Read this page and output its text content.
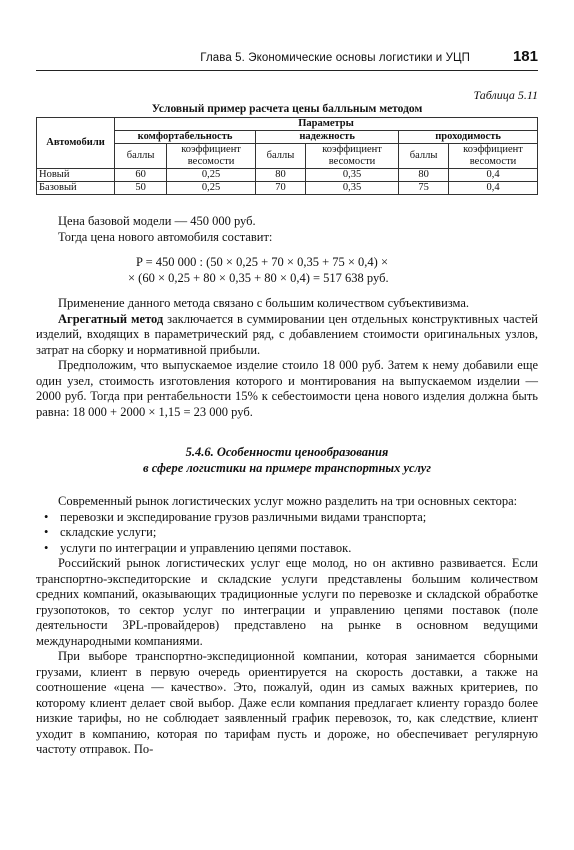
Глава 5. Экономические основы логистики и УЦП	181
Таблица 5.11
Условный пример расчета цены балльным методом
Автомобили	Параметры					
	комфортабельность		надежность		проходимость	
	баллы	коэффициент весомости	баллы	коэффициент весомости	баллы	коэффициент весомости
Новый	60	0,25	80	0,35	80	0,4
Базовый	50	0,25	70	0,35	75	0,4

Цена базовой модели — 450 000 руб.

Тогда цена нового автомобиля составит:

P = 450 000 : (50 × 0,25 + 70 × 0,35 + 75 × 0,4) ×

× (60 × 0,25 + 80 × 0,35 + 80 × 0,4) = 517 638 руб.

Применение данного метода связано с большим количеством субъективизма.

Агрегатный метод заключается в суммировании цен отдельных конструктивных частей изделий, входящих в параметрический ряд, с добавлением стоимости оригинальных узлов, затрат на сборку и нормативной прибыли.

Предположим, что выпускаемое изделие стоило 18 000 руб. Затем к нему добавили еще один узел, стоимость изготовления которого и монтирования на выпускаемом изделии — 2000 руб. Тогда при рентабельности 15% к себестоимости цена нового изделия должна быть равна: 18 000 + 2000 × 1,15 = 23 000 руб.

5.4.6. Особенности ценообразования
в сфере логистики на примере транспортных услуг

Современный рынок логистических услуг можно разделить на три основных сектора:

• перевозки и экспедирование грузов различными видами транспорта;
• складские услуги;
• услуги по интеграции и управлению цепями поставок.

Российский рынок логистических услуг еще молод, но он активно развивается. Если транспортно-экспедиторские и складские услуги представлены большим количеством средних компаний, оказывающих традиционные услуги по перевозке и складской обработке грузопотоков, то сектор услуг по интеграции и управлению цепями поставок (поле деятельности 3PL-провайдеров) представлено на рынке в основном ведущими международными компаниями.

При выборе транспортно-экспедиционной компании, которая занимается сборными грузами, клиент в первую очередь ориентируется на скорость доставки, а также на соотношение «цена — качество». Это, пожалуй, один из самых важных критериев, по которому клиент делает свой выбор. Даже если компания предлагает клиенту гораздо более низкие тарифы, но не соблюдает заявленный график перевозок, то, как следствие, клиент уходит в компанию, которая по тарифам пусть и дороже, но обеспечивает регулярную частоту отправок. По-
